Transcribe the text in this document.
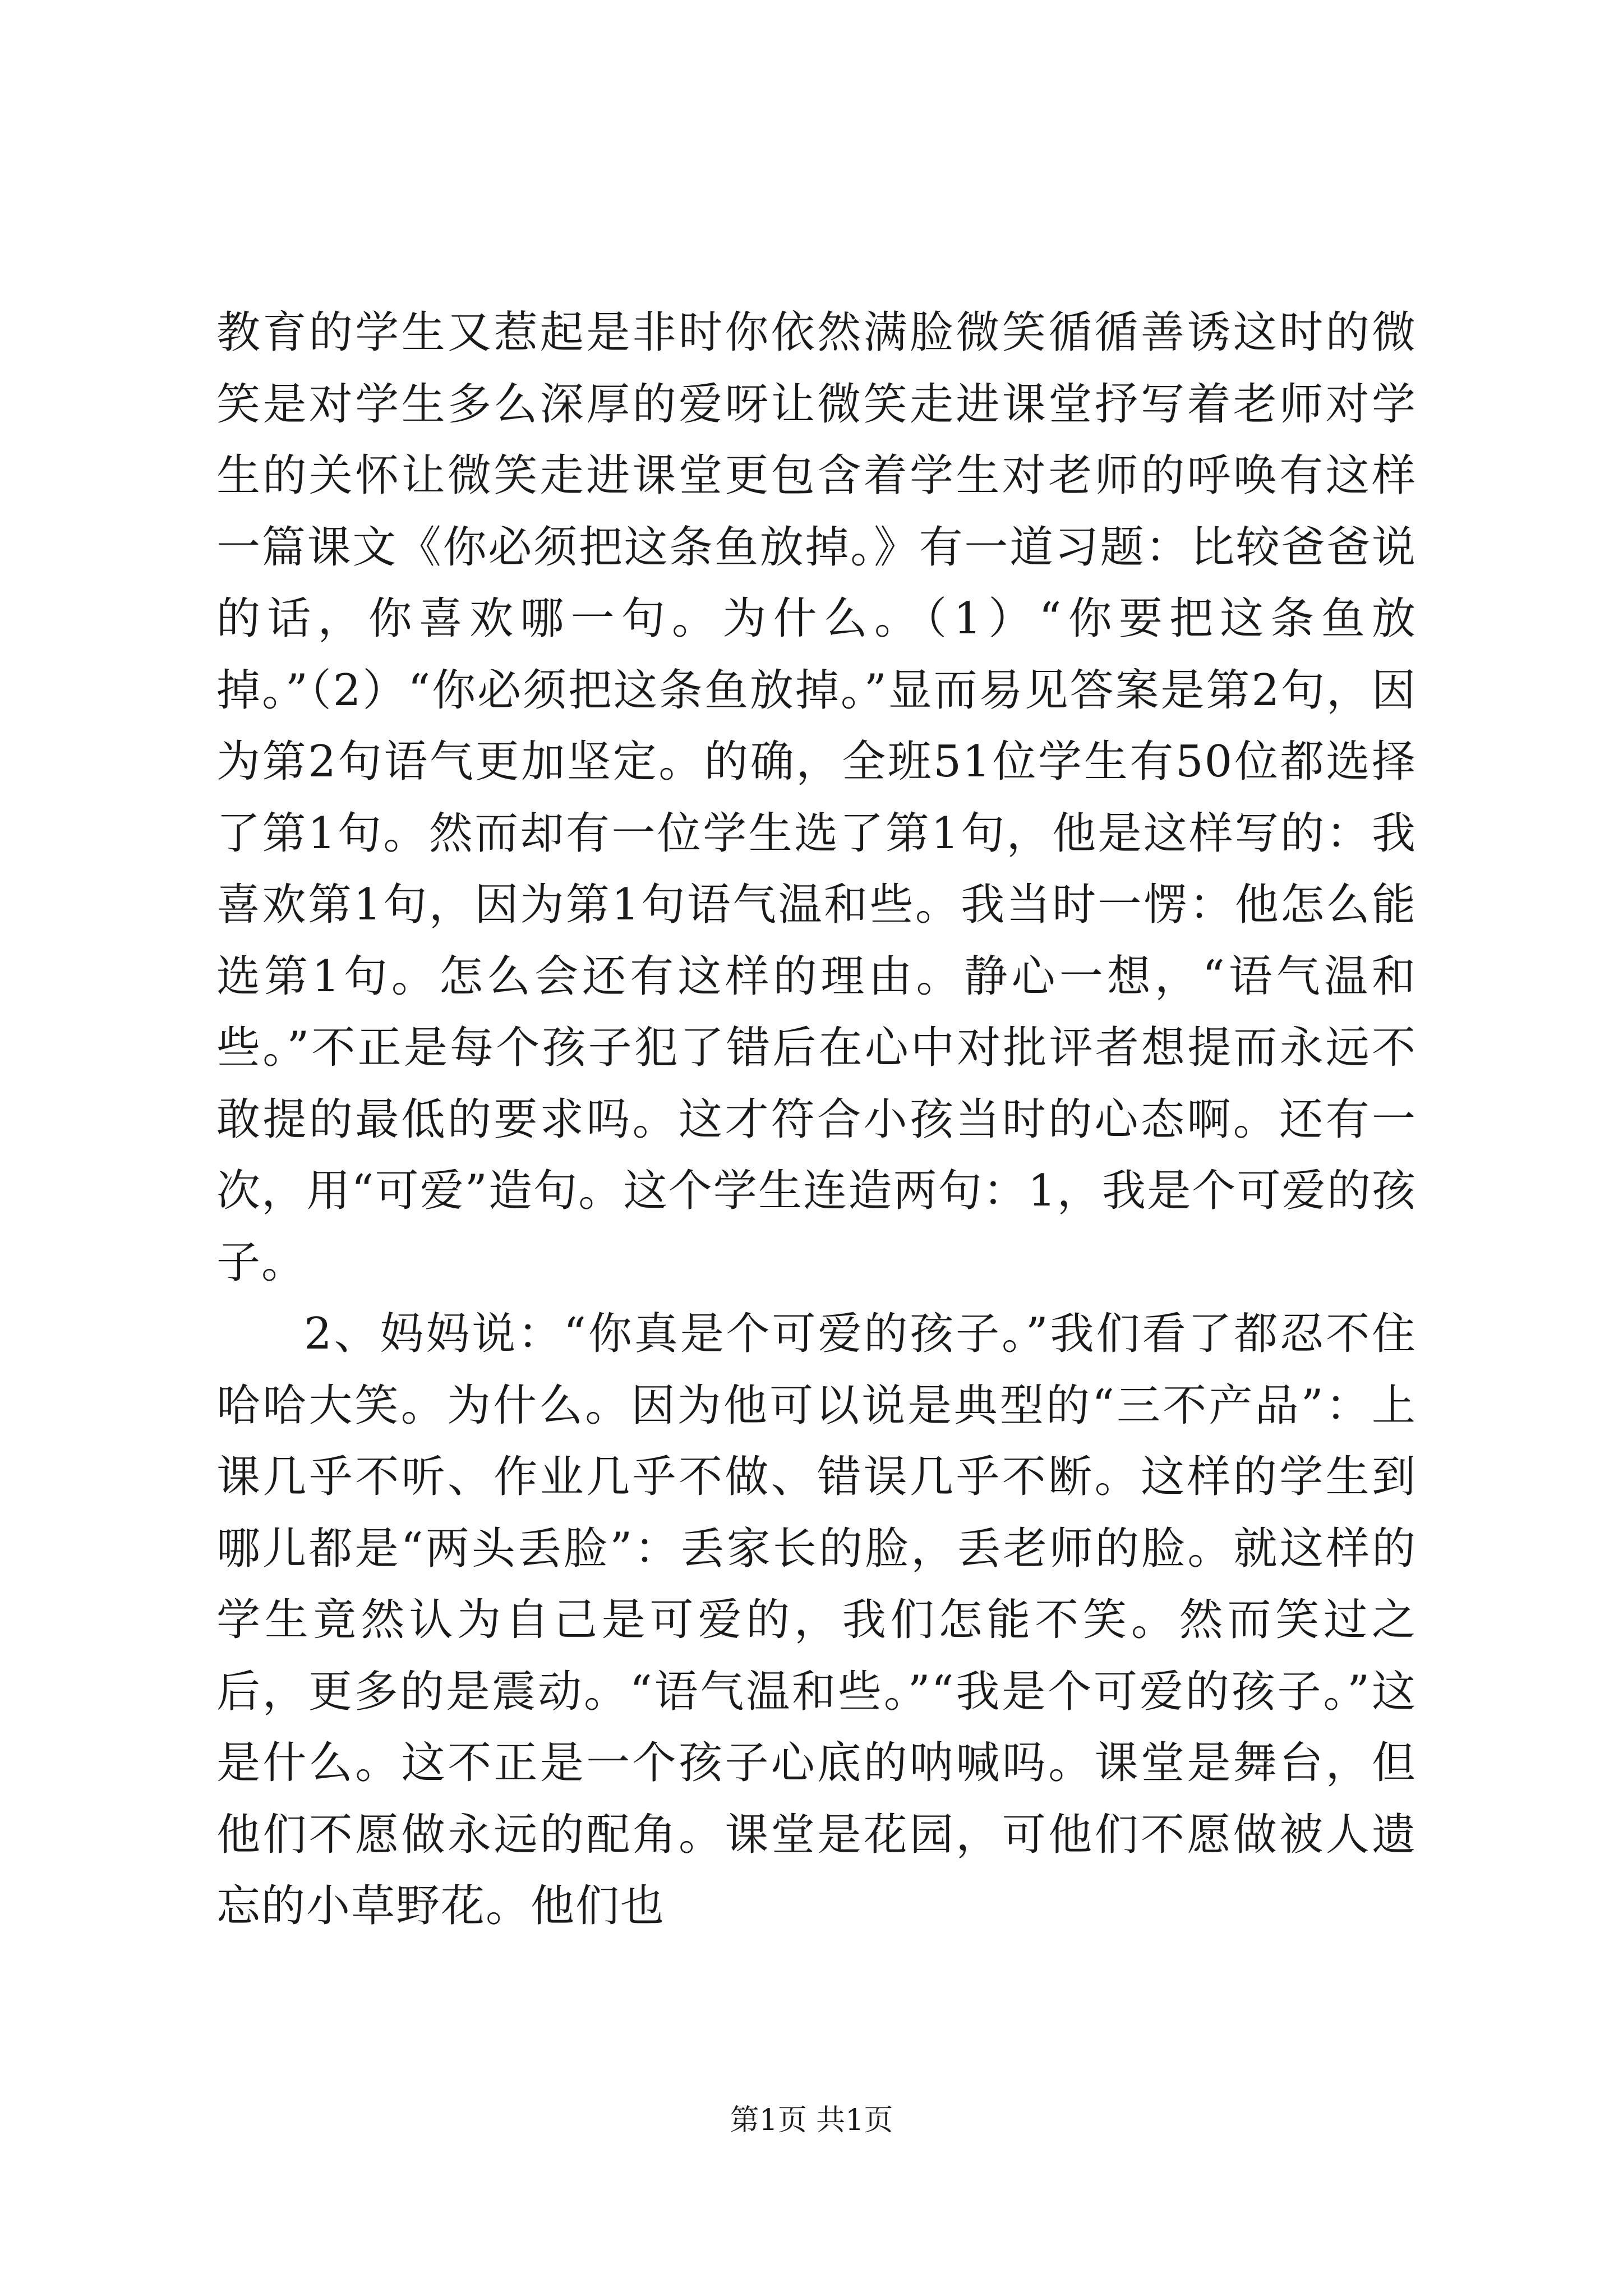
教育的学生又惹起是非时你依然满脸微笑循循善诱这时的微笑是对学生多么深厚的爱呀让微笑走进课堂抒写着老师对学生的关怀让微笑走进课堂更包含着学生对老师的呼唤有这样一篇课文《你必须把这条鱼放掉。》有一道习题：比较爸爸说的话，你喜欢哪一句。为什么。（1）“你要把这条鱼放掉。”（2）“你必须把这条鱼放掉。”显而易见答案是第2句，因为第2句语气更加坚定。的确，全班51位学生有50位都选择了第1句。然而却有一位学生选了第1句，他是这样写的：我喜欢第1句，因为第1句语气温和些。我当时一愣：他怎么能选第1句。怎么会还有这样的理由。静心一想，“语气温和些。”不正是每个孩子犯了错后在心中对批评者想提而永远不敢提的最低的要求吗。这才符合小孩当时的心态啊。还有一次，用“可爱”造句。这个学生连造两句：1，我是个可爱的孩子。

2、妈妈说：“你真是个可爱的孩子。”我们看了都忍不住哈哈大笑。为什么。因为他可以说是典型的“三不产品”：上课几乎不听、作业几乎不做、错误几乎不断。这样的学生到哪儿都是“两头丢脸”：丢家长的脸，丢老师的脸。就这样的学生竟然认为自己是可爱的，我们怎能不笑。然而笑过之后，更多的是震动。“语气温和些。”“我是个可爱的孩子。”这是什么。这不正是一个孩子心底的呐喊吗。课堂是舞台，但他们不愿做永远的配角。课堂是花园，可他们不愿做被人遗忘的小草野花。他们也

第1页 共1页
